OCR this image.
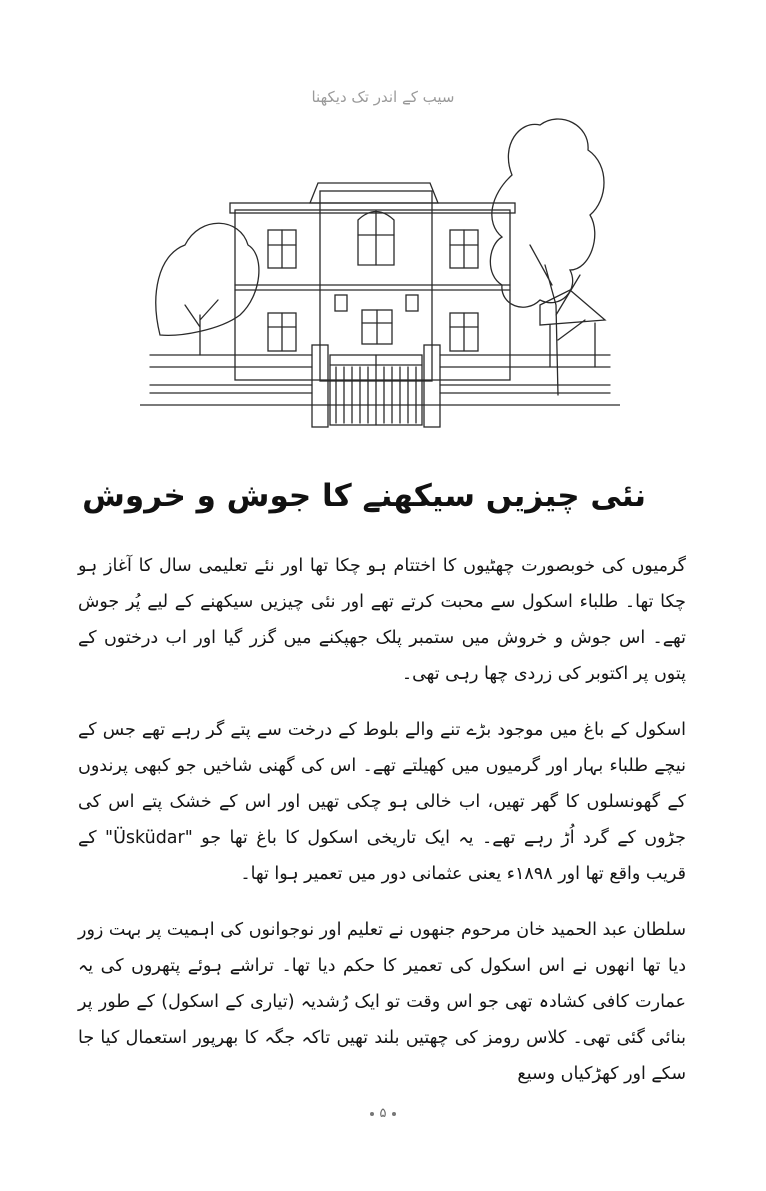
سیب کے اندر تک دیکھنا
نئی چیزیں سیکھنے کا جوش و خروش

گرمیوں کی خوبصورت چھٹیوں کا اختتام ہو چکا تھا اور نئے تعلیمی سال کا آغاز ہو چکا تھا۔ طلباء اسکول سے محبت کرتے تھے اور نئی چیزیں سیکھنے کے لیے پُر جوش تھے۔ اس جوش و خروش میں ستمبر پلک جھپکنے میں گزر گیا اور اب درختوں کے پتوں پر اکتوبر کی زردی چھا رہی تھی۔

اسکول کے باغ میں موجود بڑے تنے والے بلوط کے درخت سے پتے گر رہے تھے جس کے نیچے طلباء بہار اور گرمیوں میں کھیلتے تھے۔ اس کی گھنی شاخیں جو کبھی پرندوں کے گھونسلوں کا گھر تھیں، اب خالی ہو چکی تھیں اور اس کے خشک پتے اس کی جڑوں کے گرد اُڑ رہے تھے۔ یہ ایک تاریخی اسکول کا باغ تھا جو "Üsküdar" کے قریب واقع تھا اور ۱۸۹۸ء یعنی عثمانی دور میں تعمیر ہوا تھا۔

سلطان عبد الحمید خان مرحوم جنھوں نے تعلیم اور نوجوانوں کی اہمیت پر بہت زور دیا تھا انھوں نے اس اسکول کی تعمیر کا حکم دیا تھا۔ تراشے ہوئے پتھروں کی یہ عمارت کافی کشادہ تھی جو اس وقت تو ایک رُشدیہ (تیاری کے اسکول) کے طور پر بنائی گئی تھی۔ کلاس رومز کی چھتیں بلند تھیں تاکہ جگہ کا بھرپور استعمال کیا جا سکے اور کھڑکیاں وسیع

۵
